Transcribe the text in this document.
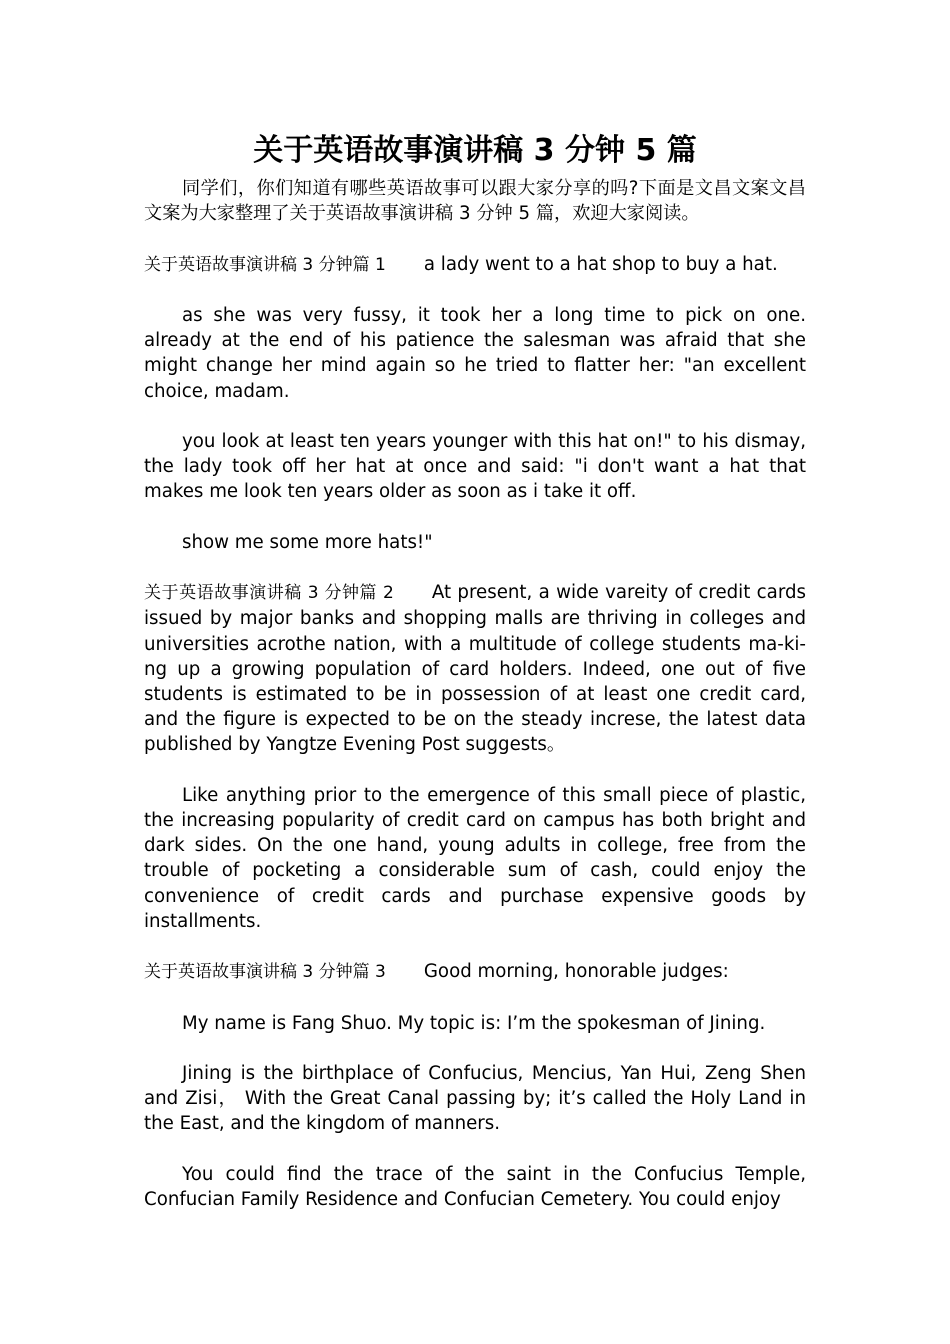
关于英语故事演讲稿 3 分钟 5 篇

同学们，你们知道有哪些英语故事可以跟大家分享的吗?下面是文昌文案文昌文案为大家整理了关于英语故事演讲稿 3 分钟 5 篇，欢迎大家阅读。

关于英语故事演讲稿 3 分钟篇 1 a lady went to a hat shop to buy a hat.

as she was very fussy, it took her a long time to pick on one. already at the end of his patience the salesman was afraid that she might change her mind again so he tried to flatter her: "an excellent choice, madam.

you look at least ten years younger with this hat on!" to his dismay, the lady took off her hat at once and said: "i don't want a hat that makes me look ten years older as soon as i take it off.

show me some more hats!"

关于英语故事演讲稿 3 分钟篇 2 At present, a wide vareity of credit cards issued by major banks and shopping malls are thriving in colleges and universities acrothe nation, with a multitude of college students ma-ki-ng up a growing population of card holders. Indeed, one out of five students is estimated to be in possession of at least one credit card, and the figure is expected to be on the steady increse, the latest data published by Yangtze Evening Post suggests。

Like anything prior to the emergence of this small piece of plastic, the increasing popularity of credit card on campus has both bright and dark sides. On the one hand, young adults in college, free from the trouble of pocketing a considerable sum of cash, could enjoy the convenience of credit cards and purchase expensive goods by installments.

关于英语故事演讲稿 3 分钟篇 3 Good morning, honorable judges:

My name is Fang Shuo. My topic is: I’m the spokesman of Jining.

Jining is the birthplace of Confucius, Mencius, Yan Hui, Zeng Shen and Zisi， With the Great Canal passing by; it’s called the Holy Land in the East, and the kingdom of manners.

You could find the trace of the saint in the Confucius Temple, Confucian Family Residence and Confucian Cemetery. You could enjoy
